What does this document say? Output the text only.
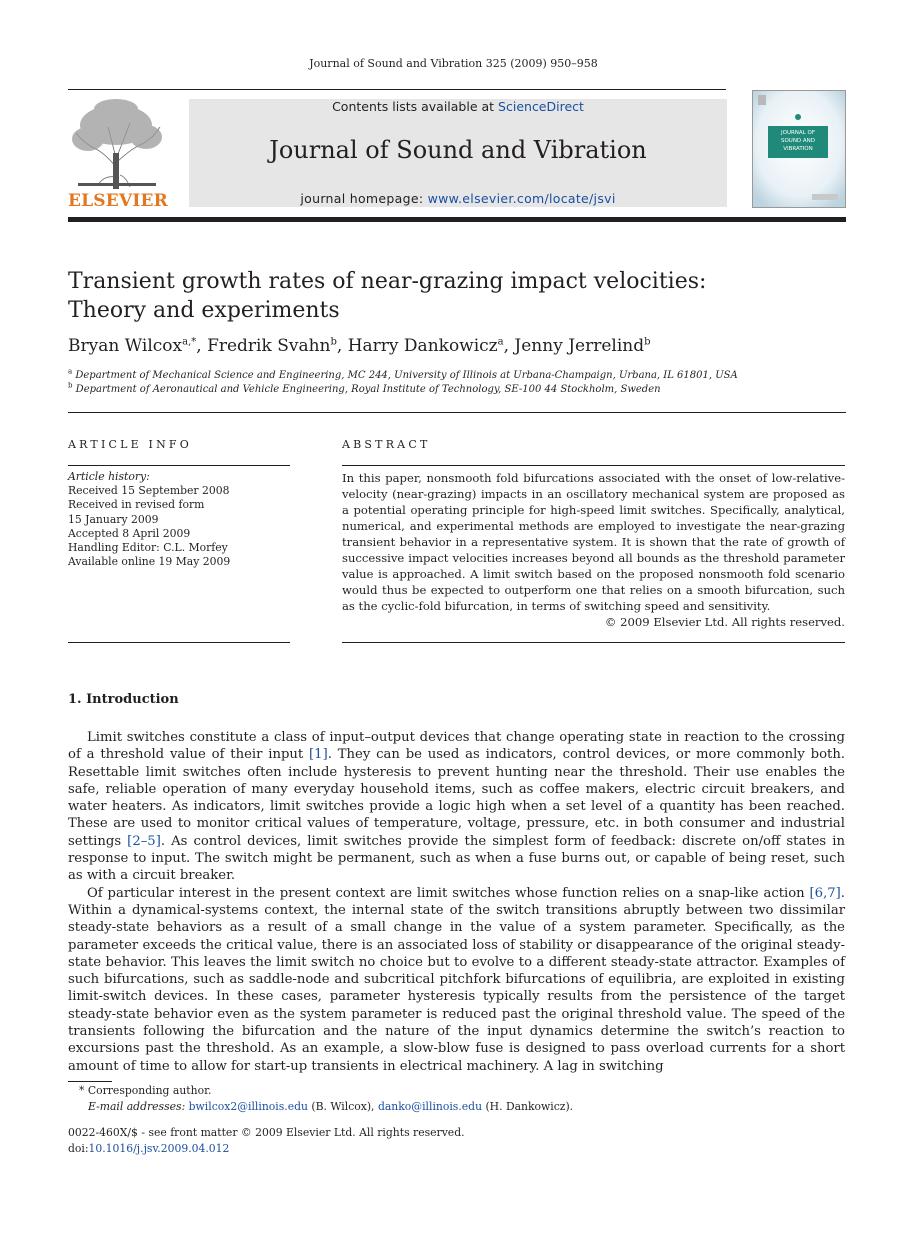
Journal of Sound and Vibration 325 (2009) 950–958
ELSEVIER
Contents lists available at ScienceDirect
Journal of Sound and Vibration
journal homepage: www.elsevier.com/locate/jsvi
JOURNAL OF
SOUND AND
VIBRATION
Transient growth rates of near-grazing impact velocities:
Theory and experiments
Bryan Wilcox$^{a,*}$, Fredrik Svahn$^b$, Harry Dankowicz$^a$, Jenny Jerrelind$^b$
$^a$ Department of Mechanical Science and Engineering, MC 244, University of Illinois at Urbana-Champaign, Urbana, IL 61801, USA
$^b$ Department of Aeronautical and Vehicle Engineering, Royal Institute of Technology, SE-100 44 Stockholm, Sweden
ARTICLE INFO
Article history:
Received 15 September 2008
Received in revised form
15 January 2009
Accepted 8 April 2009
Handling Editor: C.L. Morfey
Available online 19 May 2009
ABSTRACT
In this paper, nonsmooth fold bifurcations associated with the onset of low-relative-velocity (near-grazing) impacts in an oscillatory mechanical system are proposed as a potential operating principle for high-speed limit switches. Specifically, analytical, numerical, and experimental methods are employed to investigate the near-grazing transient behavior in a representative system. It is shown that the rate of growth of successive impact velocities increases beyond all bounds as the threshold parameter value is approached. A limit switch based on the proposed nonsmooth fold scenario would thus be expected to outperform one that relies on a smooth bifurcation, such as the cyclic-fold bifurcation, in terms of switching speed and sensitivity.
© 2009 Elsevier Ltd. All rights reserved.
1. Introduction

Limit switches constitute a class of input–output devices that change operating state in reaction to the crossing of a threshold value of their input [1]. They can be used as indicators, control devices, or more commonly both. Resettable limit switches often include hysteresis to prevent hunting near the threshold. Their use enables the safe, reliable operation of many everyday household items, such as coffee makers, electric circuit breakers, and water heaters. As indicators, limit switches provide a logic high when a set level of a quantity has been reached. These are used to monitor critical values of temperature, voltage, pressure, etc. in both consumer and industrial settings [2–5]. As control devices, limit switches provide the simplest form of feedback: discrete on/off states in response to input. The switch might be permanent, such as when a fuse burns out, or capable of being reset, such as with a circuit breaker.

Of particular interest in the present context are limit switches whose function relies on a snap-like action [6,7]. Within a dynamical-systems context, the internal state of the switch transitions abruptly between two dissimilar steady-state behaviors as a result of a small change in the value of a system parameter. Specifically, as the parameter exceeds the critical value, there is an associated loss of stability or disappearance of the original steady-state behavior. This leaves the limit switch no choice but to evolve to a different steady-state attractor. Examples of such bifurcations, such as saddle-node and subcritical pitchfork bifurcations of equilibria, are exploited in existing limit-switch devices. In these cases, parameter hysteresis typically results from the persistence of the target steady-state behavior even as the system parameter is reduced past the original threshold value. The speed of the transients following the bifurcation and the nature of the input dynamics determine the switch’s reaction to excursions past the threshold. As an example, a slow-blow fuse is designed to pass overload currents for a short amount of time to allow for start-up transients in electrical machinery. A lag in switching

* Corresponding author.
E-mail addresses: bwilcox2@illinois.edu (B. Wilcox), danko@illinois.edu (H. Dankowicz).
0022-460X/$ - see front matter © 2009 Elsevier Ltd. All rights reserved.
doi:10.1016/j.jsv.2009.04.012
